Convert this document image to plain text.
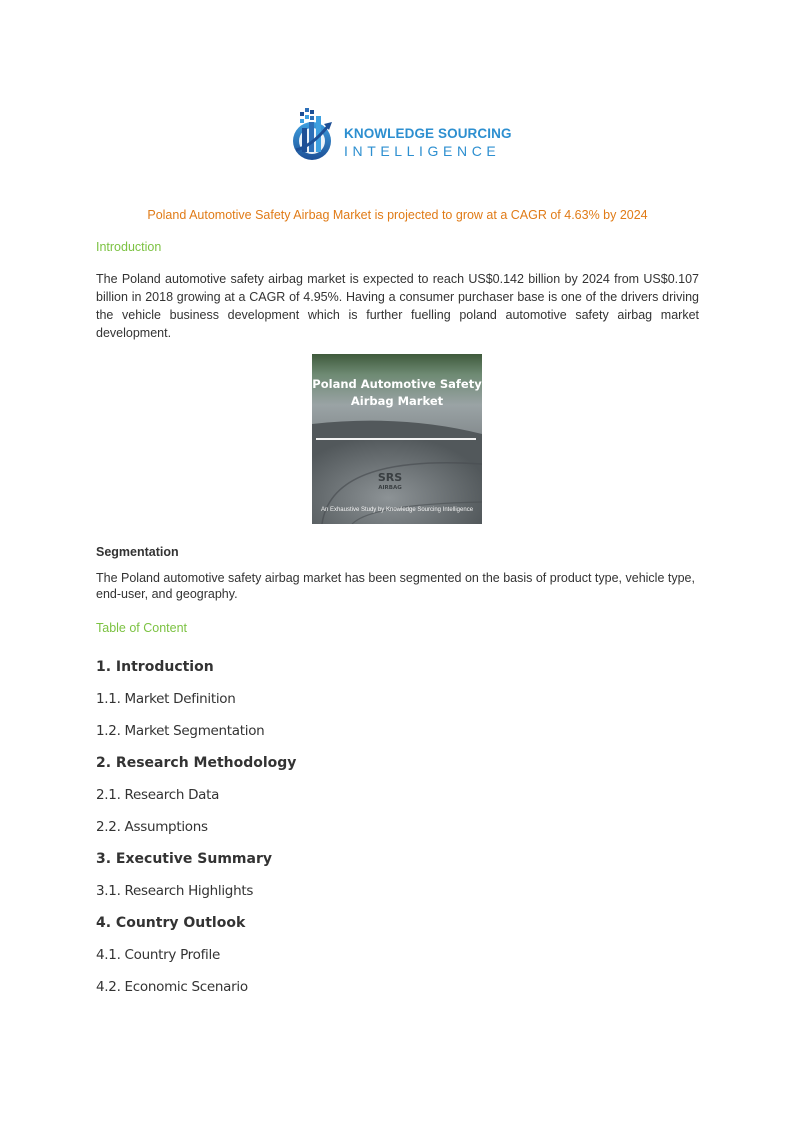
KNOWLEDGE SOURCING
INTELLIGENCE
Poland Automotive Safety Airbag Market is projected to grow at a CAGR of 4.63% by 2024
Introduction
The Poland automotive safety airbag market is expected to reach US$0.142 billion by 2024 from US$0.107 billion in 2018 growing at a CAGR of 4.95%. Having a consumer purchaser base is one of the drivers driving the vehicle business development which is further fuelling poland automotive safety airbag market development.
SRS
AIRBAG
Poland Automotive Safety
Airbag Market
An Exhaustive Study by Knowledge Sourcing Intelligence
Segmentation
The Poland automotive safety airbag market has been segmented on the basis of product type, vehicle type, end-user, and geography.
Table of Content
1. Introduction
1.1. Market Definition
1.2. Market Segmentation
2. Research Methodology
2.1. Research Data
2.2. Assumptions
3. Executive Summary
3.1. Research Highlights
4. Country Outlook
4.1. Country Profile
4.2. Economic Scenario
